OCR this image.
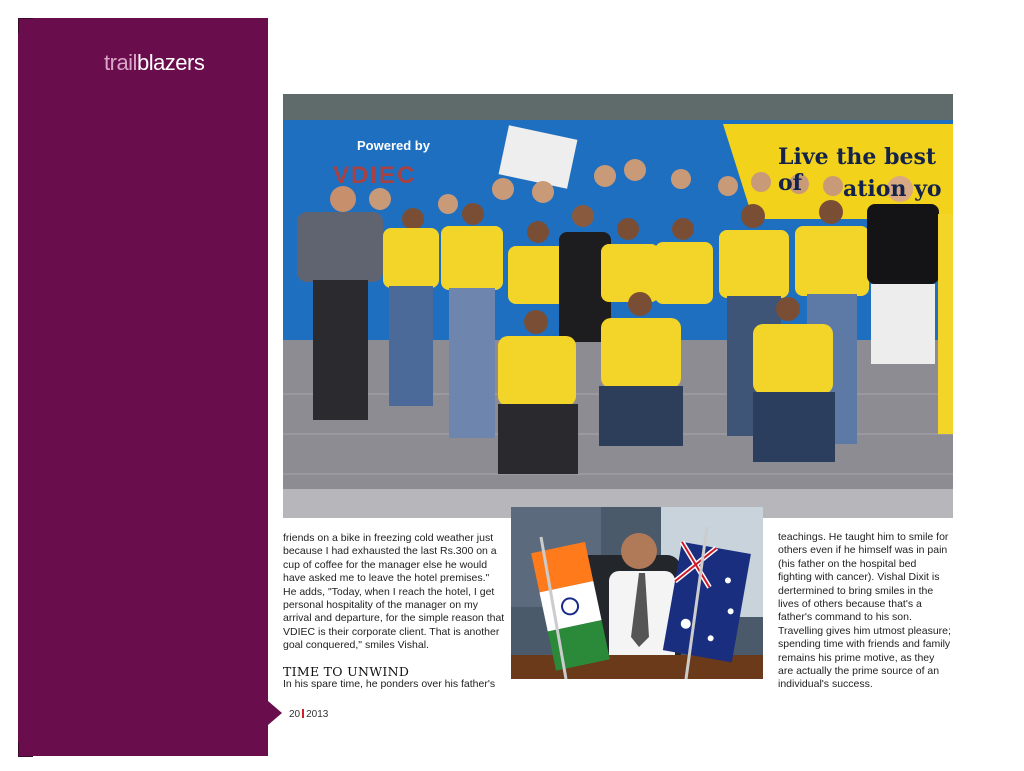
trailblazers
20 2013
Powered by
VDIEC
Live the best of	ation yo

friends on a bike in freezing cold weather just because I had exhausted the last Rs.300 on a cup of coffee for the manager else he would have asked me to leave the hotel premises." He adds, "Today, when I reach the hotel, I get personal hospitality of the manager on my arrival and departure, for the simple reason that VDIEC is their corporate client. That is another goal conquered," smiles Vishal.

TIME TO UNWIND

In his spare time, he ponders over his father's

teachings. He taught him to smile for others even if he himself was in pain (his father on the hospital bed fighting with cancer). Vishal Dixit is dertermined to bring smiles in the lives of others because that's a father's command to his son. Travelling gives him utmost pleasure; spending time with friends and family remains his prime motive, as they are actually the prime source of an individual's success.
